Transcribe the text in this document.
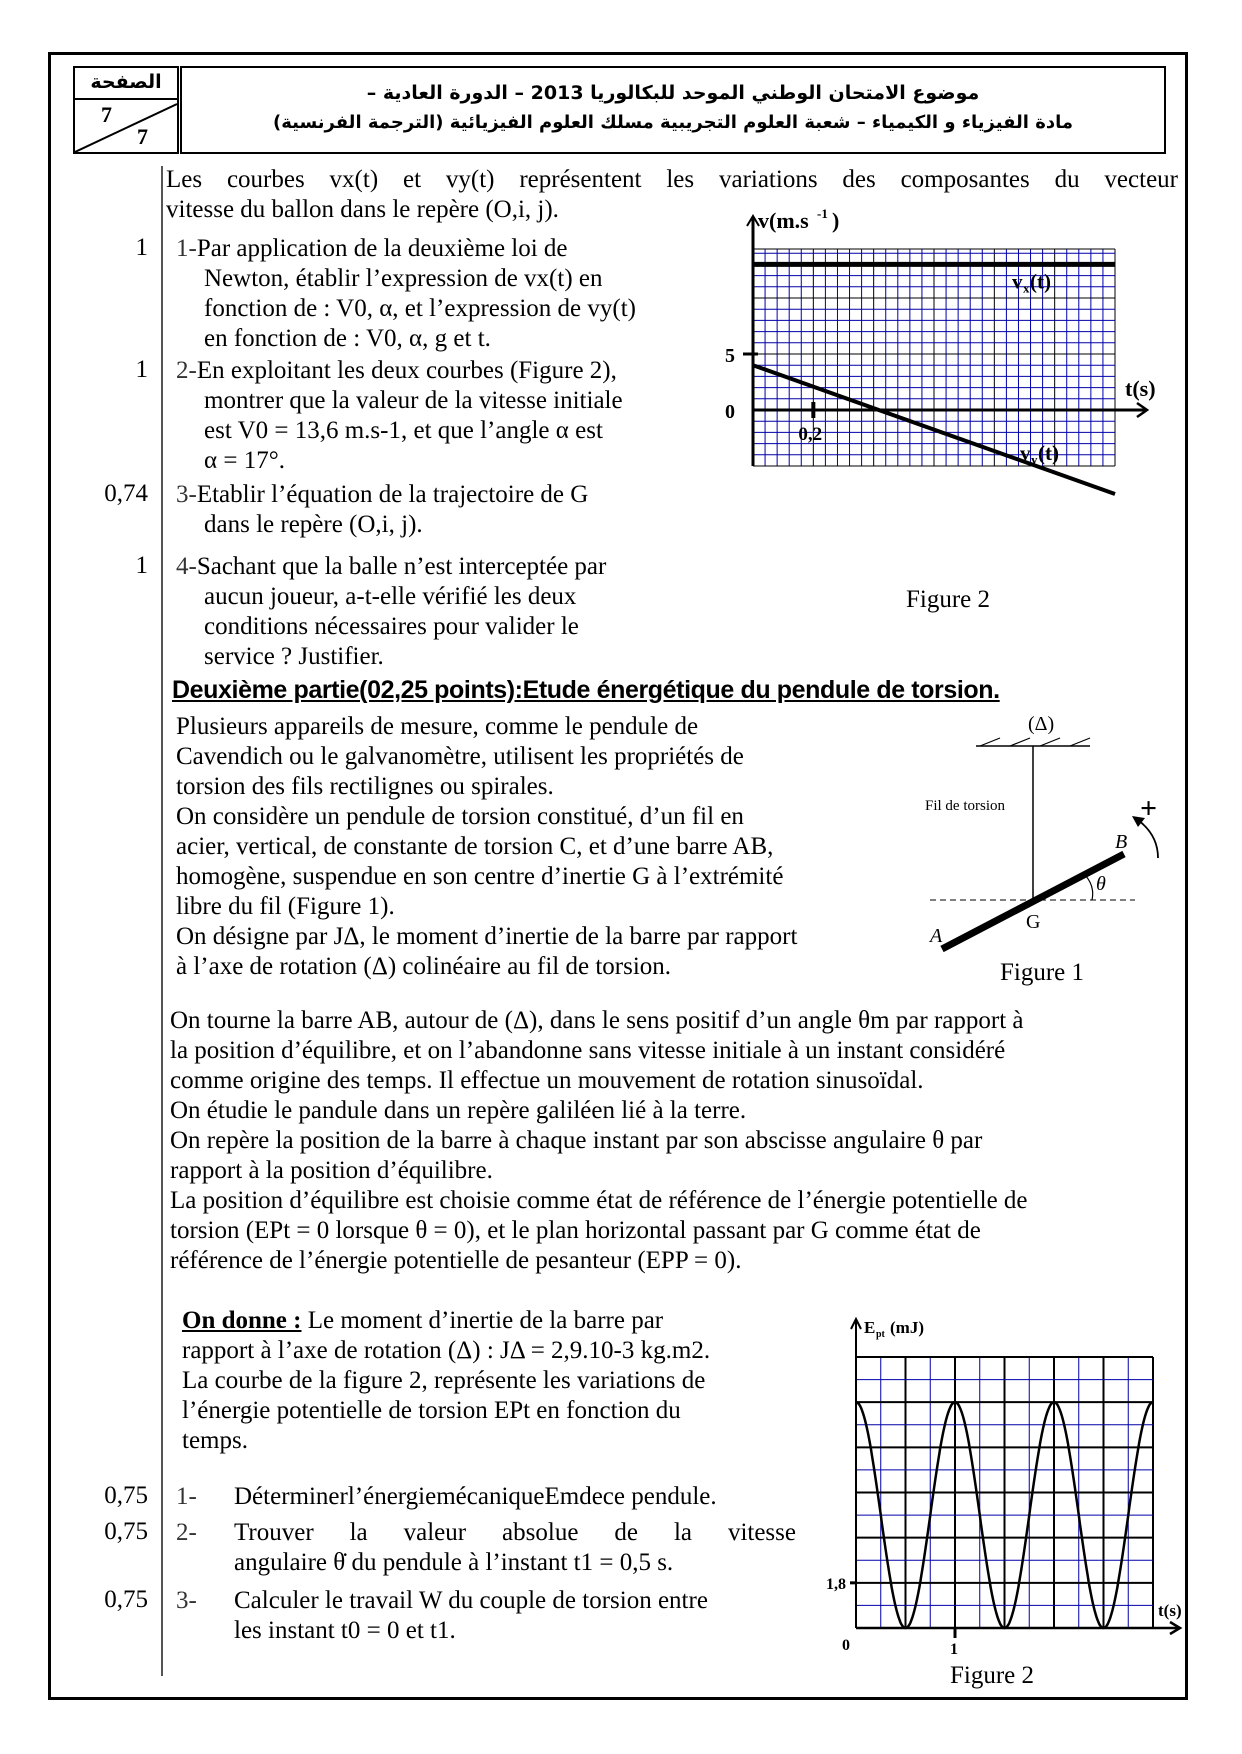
الصفحة
7
7
موضوع الامتحان الوطني الموحد للبكالوريا 2013 – الدورة العادية –
مادة الفيزياء و الكيمياء – شعبة العلوم التجريبية مسلك العلوم الفيزيائية (الترجمة الفرنسية)
Les courbes vx(t) et vy(t) représentent les variations des composantes du vecteur
vitesse du ballon dans le repère (O,i, j).
1 1-Par application de la deuxième loi de
Newton, établir l’expression de vx(t) en
fonction de : V0, α, et l’expression de vy(t)
en fonction de : V0, α, g et t.
1 2-En exploitant les deux courbes (Figure 2),
montrer que la valeur de la vitesse initiale
est V0 = 13,6 m.s-1, et que l’angle α est
α = 17°.
0,74 3-Etablir l’équation de la trajectoire de G
dans le repère (O,i, j).
1 4-Sachant que la balle n’est interceptée par
aucun joueur, a-t-elle vérifié les deux
conditions nécessaires pour valider le
service ? Justifier.
v(m.s -1 )
t(s)
5
0
0,2
v x (t)
v y (t)
Figure 2
Deuxième partie(02,25 points):Etude énergétique du pendule de torsion.
Plusieurs appareils de mesure, comme le pendule de
Cavendich ou le galvanomètre, utilisent les propriétés de
torsion des fils rectilignes ou spirales.
On considère un pendule de torsion constitué, d’un fil en
acier, vertical, de constante de torsion C, et d’une barre AB,
homogène, suspendue en son centre d’inertie G à l’extrémité
libre du fil (Figure 1).
On désigne par JΔ, le moment d’inertie de la barre par rapport
à l’axe de rotation (Δ) colinéaire au fil de torsion.
(Δ)
Fil de torsion
A
B
G
θ
+
Figure 1
On tourne la barre AB, autour de (Δ), dans le sens positif d’un angle θm par rapport à
la position d’équilibre, et on l’abandonne sans vitesse initiale à un instant considéré
comme origine des temps. Il effectue un mouvement de rotation sinusoïdal.
On étudie le pandule dans un repère galiléen lié à la terre.
On repère la position de la barre à chaque instant par son abscisse angulaire θ par
rapport à la position d’équilibre.
La position d’équilibre est choisie comme état de référence de l’énergie potentielle de
torsion (EPt = 0 lorsque θ = 0), et le plan horizontal passant par G comme état de
référence de l’énergie potentielle de pesanteur (EPP = 0).
On donne : Le moment d’inertie de la barre par
rapport à l’axe de rotation (Δ) : JΔ = 2,9.10-3 kg.m2.
La courbe de la figure 2, représente les variations de
l’énergie potentielle de torsion EPt en fonction du
temps.
0,75 1- Déterminerl’énergiemécaniqueEmdece pendule.
0,75 2- Trouver la valeur absolue de la vitesse

angulaire θ̇ du pendule à l’instant t1 = 0,5 s.
0,75 3- Calculer le travail W du couple de torsion entre

les instant t0 = 0 et t1.
E pt (mJ)
t(s)
1,8
0	1
Figure 2
